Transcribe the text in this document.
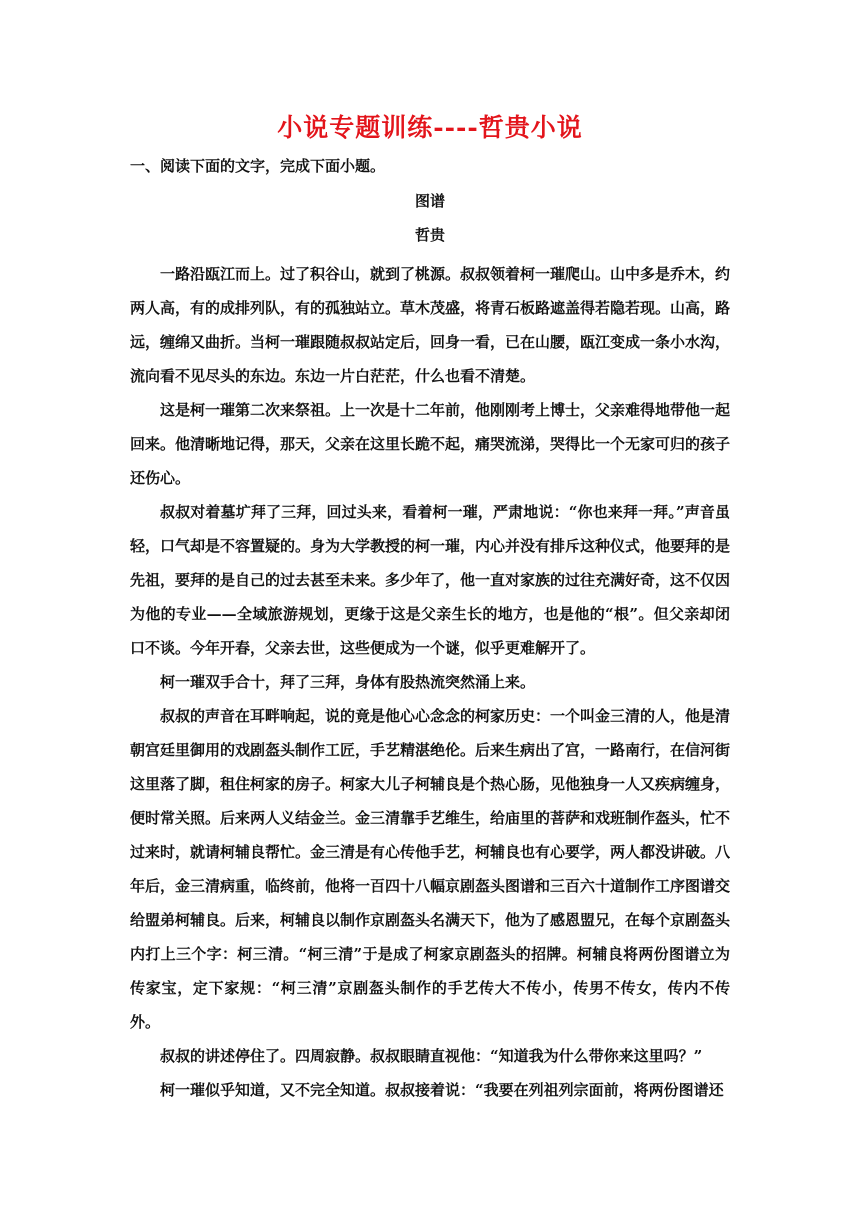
小说专题训练----哲贵小说
一、阅读下面的文字，完成下面小题。
图谱
哲贵

一路沿瓯江而上。过了积谷山，就到了桃源。叔叔领着柯一璀爬山。山中多是乔木，约两人高，有的成排列队，有的孤独站立。草木茂盛，将青石板路遮盖得若隐若现。山高，路远，缠绵又曲折。当柯一璀跟随叔叔站定后，回身一看，已在山腰，瓯江变成一条小水沟，流向看不见尽头的东边。东边一片白茫茫，什么也看不清楚。

这是柯一璀第二次来祭祖。上一次是十二年前，他刚刚考上博士，父亲难得地带他一起回来。他清晰地记得，那天，父亲在这里长跪不起，痛哭流涕，哭得比一个无家可归的孩子还伤心。

叔叔对着墓圹拜了三拜，回过头来，看着柯一璀，严肃地说：“你也来拜一拜。”声音虽轻，口气却是不容置疑的。身为大学教授的柯一璀，内心并没有排斥这种仪式，他要拜的是先祖，要拜的是自己的过去甚至未来。多少年了，他一直对家族的过往充满好奇，这不仅因为他的专业——全域旅游规划，更缘于这是父亲生长的地方，也是他的“根”。但父亲却闭口不谈。今年开春，父亲去世，这些便成为一个谜，似乎更难解开了。

柯一璀双手合十，拜了三拜，身体有股热流突然涌上来。

叔叔的声音在耳畔响起，说的竟是他心心念念的柯家历史：一个叫金三清的人，他是清朝宫廷里御用的戏剧盔头制作工匠，手艺精湛绝伦。后来生病出了宫，一路南行，在信河街这里落了脚，租住柯家的房子。柯家大儿子柯辅良是个热心肠，见他独身一人又疾病缠身，便时常关照。后来两人义结金兰。金三清靠手艺维生，给庙里的菩萨和戏班制作盔头，忙不过来时，就请柯辅良帮忙。金三清是有心传他手艺，柯辅良也有心要学，两人都没讲破。八年后，金三清病重，临终前，他将一百四十八幅京剧盔头图谱和三百六十道制作工序图谱交给盟弟柯辅良。后来，柯辅良以制作京剧盔头名满天下，他为了感恩盟兄，在每个京剧盔头内打上三个字：柯三清。“柯三清”于是成了柯家京剧盔头的招牌。柯辅良将两份图谱立为传家宝，定下家规：“柯三清”京剧盔头制作的手艺传大不传小，传男不传女，传内不传外。

叔叔的讲述停住了。四周寂静。叔叔眼睛直视他：“知道我为什么带你来这里吗？”

柯一璀似乎知道，又不完全知道。叔叔接着说：“我要在列祖列宗面前，将两份图谱还
